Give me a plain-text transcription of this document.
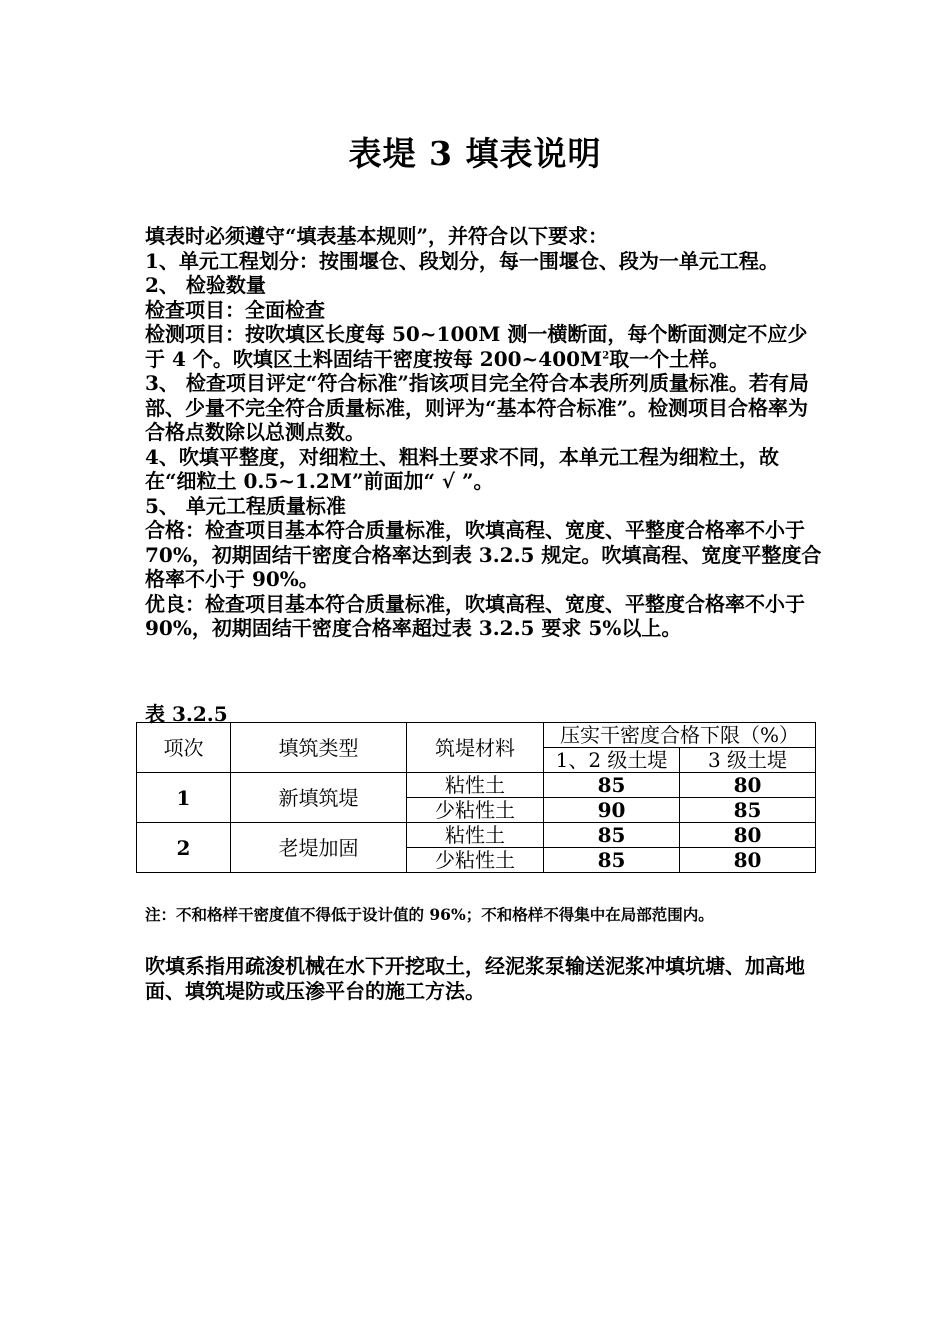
表堤 3 填表说明

填表时必须遵守“填表基本规则”，并符合以下要求：

1、单元工程划分：按围堰仓、段划分，每一围堰仓、段为一单元工程。

2、 检验数量

检查项目：全面检查

检测项目：按吹填区长度每 50~100M 测一横断面，每个断面测定不应少于 4 个。吹填区土料固结干密度按每 $200\sim 400M^2$取一个土样。

3、 检查项目评定“符合标准”指该项目完全符合本表所列质量标准。若有局部、少量不完全符合质量标准，则评为“基本符合标准”。检测项目合格率为合格点数除以总测点数。

4、吹填平整度，对细粒土、粗料土要求不同，本单元工程为细粒土，故在“细粒土 0.5~1.2M”前面加“ √ ”。

5、 单元工程质量标准

合格：检查项目基本符合质量标准，吹填高程、宽度、平整度合格率不小于 70%，初期固结干密度合格率达到表 3.2.5 规定。吹填高程、宽度平整度合格率不小于 90%。

优良：检查项目基本符合质量标准，吹填高程、宽度、平整度合格率不小于 90%，初期固结干密度合格率超过表 3.2.5 要求 5%以上。

表 3.2.5
项次	填筑类型	筑堤材料	压实干密度合格下限（%）	
			1、2 级土堤	3 级土堤
1	新填筑堤	粘性土	85	80
		少粘性土	90	85
2	老堤加固	粘性土	85	80
		少粘性土	85	80
注：不和格样干密度值不得低于设计值的 96%；不和格样不得集中在局部范围内。
吹填系指用疏浚机械在水下开挖取土，经泥浆泵输送泥浆冲填坑塘、加高地面、填筑堤防或压渗平台的施工方法。
